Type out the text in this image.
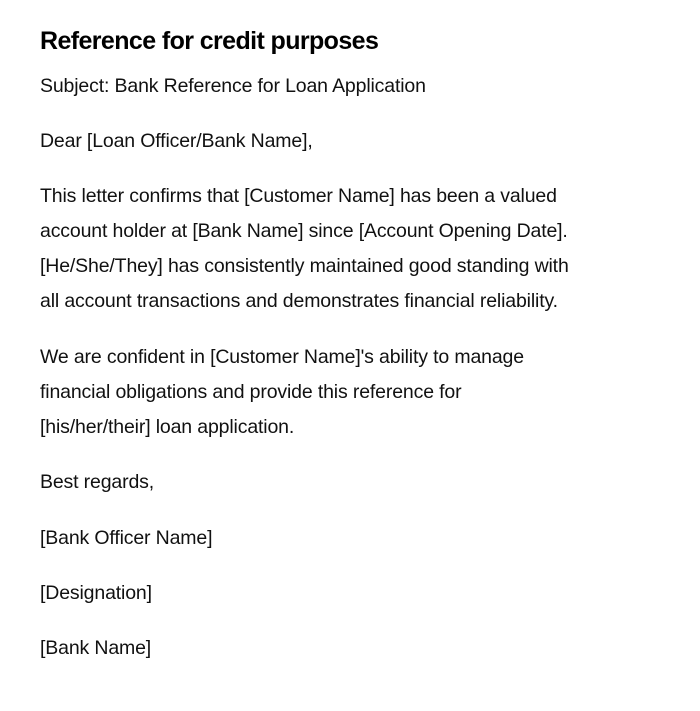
Reference for credit purposes

Subject: Bank Reference for Loan Application

Dear [Loan Officer/Bank Name],

This letter confirms that [Customer Name] has been a valued
account holder at [Bank Name] since [Account Opening Date].
[He/She/They] has consistently maintained good standing with
all account transactions and demonstrates financial reliability.
We are confident in [Customer Name]'s ability to manage
financial obligations and provide this reference for
[his/her/their] loan application.

Best regards,

[Bank Officer Name]

[Designation]

[Bank Name]
